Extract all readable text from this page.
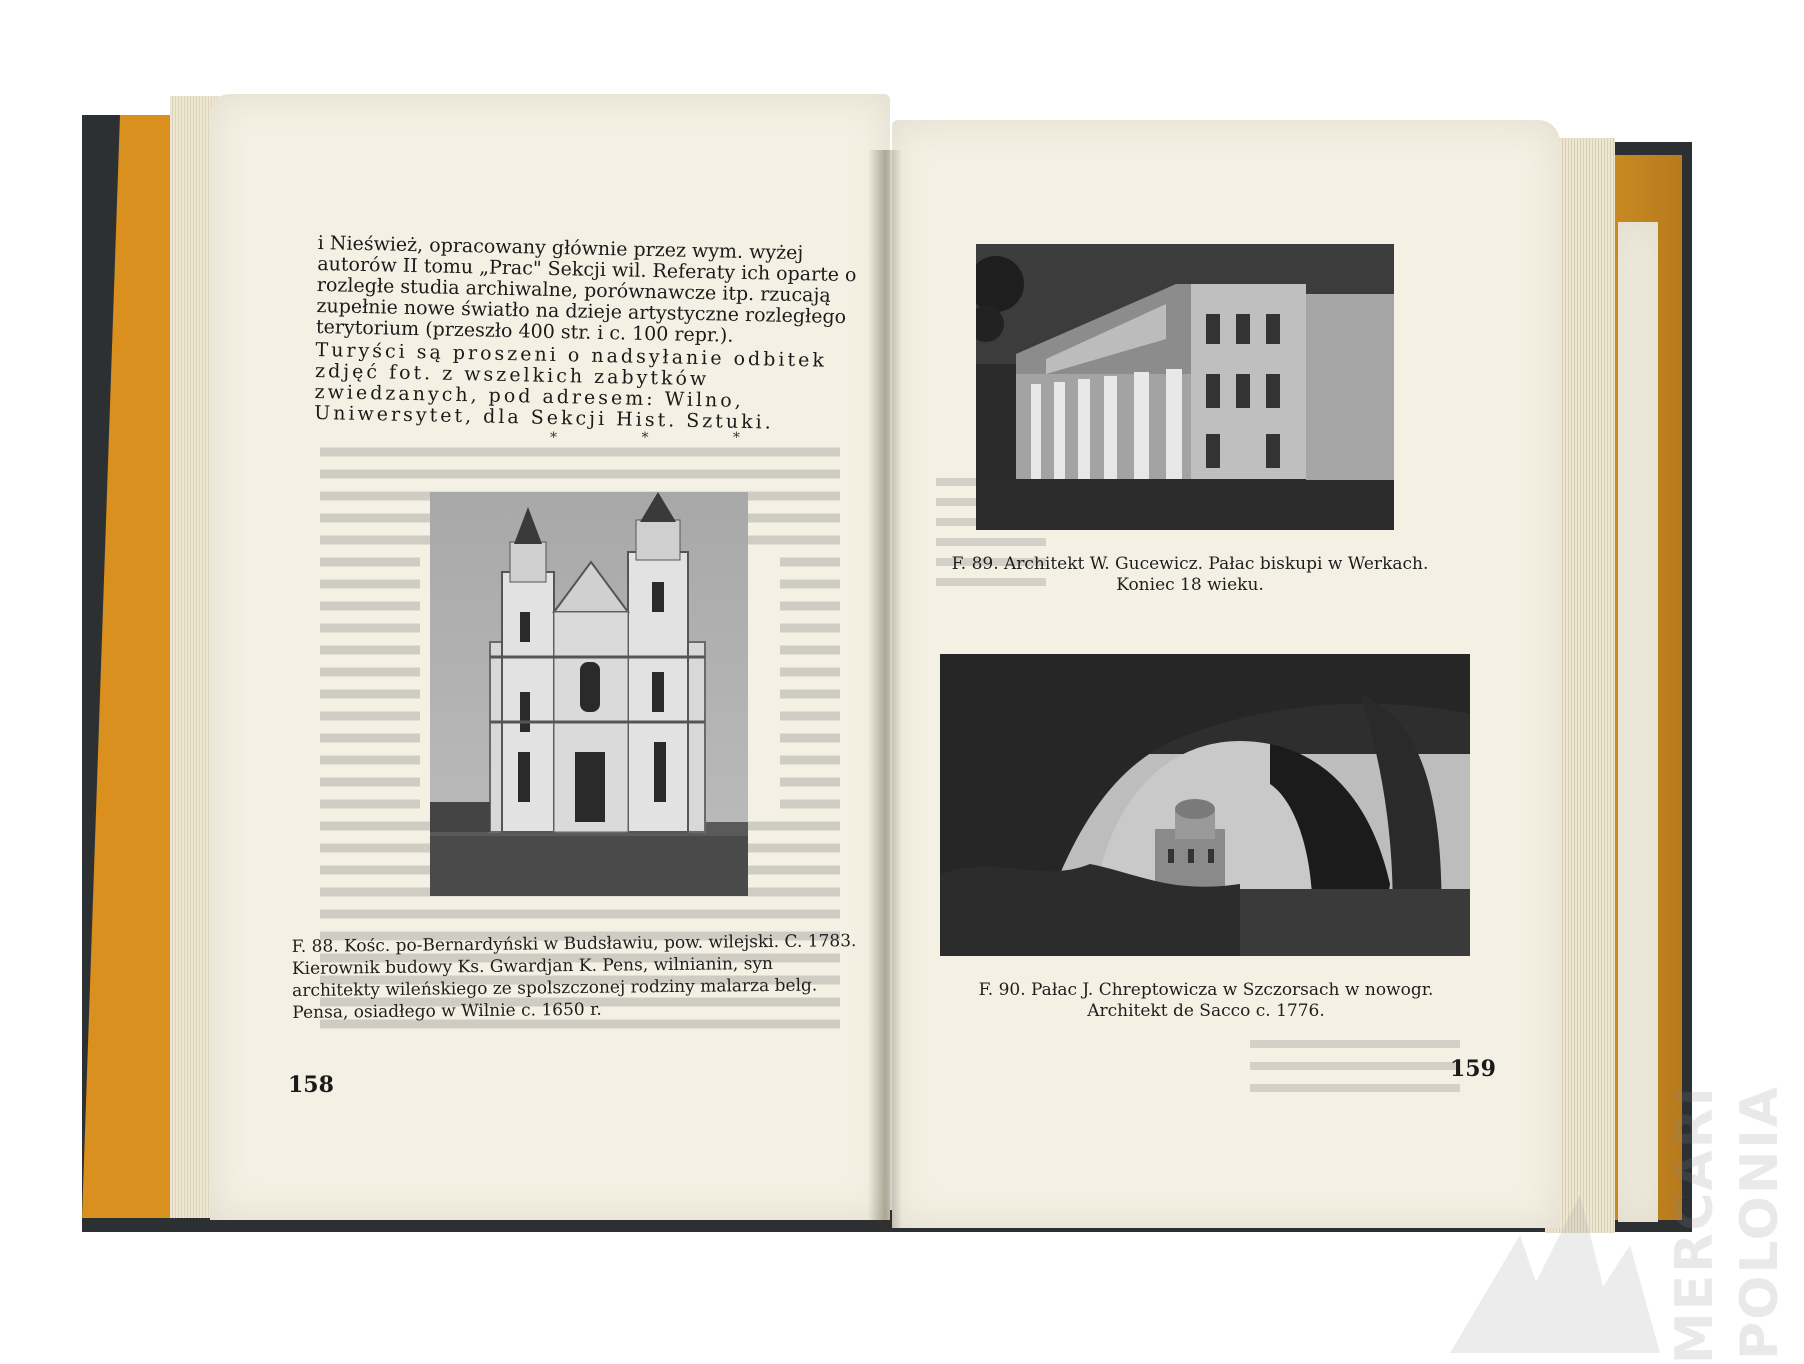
i Nieśwież, opracowany głównie przez wym. wyżej autorów II tomu „Prac" Sekcji wil. Referaty ich oparte o rozległe studia archiwalne, porównawcze itp. rzucają zupełnie nowe światło na dzieje artystyczne rozległego terytorium (przeszło 400 str. i c. 100 repr.).

Turyści są proszeni o nadsyłanie odbitek zdjęć fot. z wszelkich zabytków zwiedzanych, pod adresem: Wilno, Uniwersytet, dla Sekcji Hist. Sztuki.

* * *
F. 88. Kośc. po-Bernardyński w Budsławiu, pow. wilejski. C. 1783. Kierownik budowy Ks. Gwardjan K. Pens, wilnianin, syn architekty wileńskiego ze spolszczonej rodziny malarza belg. Pensa, osiadłego w Wilnie c. 1650 r.
158
F. 89. Architekt W. Gucewicz. Pałac biskupi w Werkach. Koniec 18 wieku.
F. 90. Pałac J. Chreptowicza w Szczorsach w nowogr. Architekt de Sacco c. 1776.
159
MERCARI POLONIA
